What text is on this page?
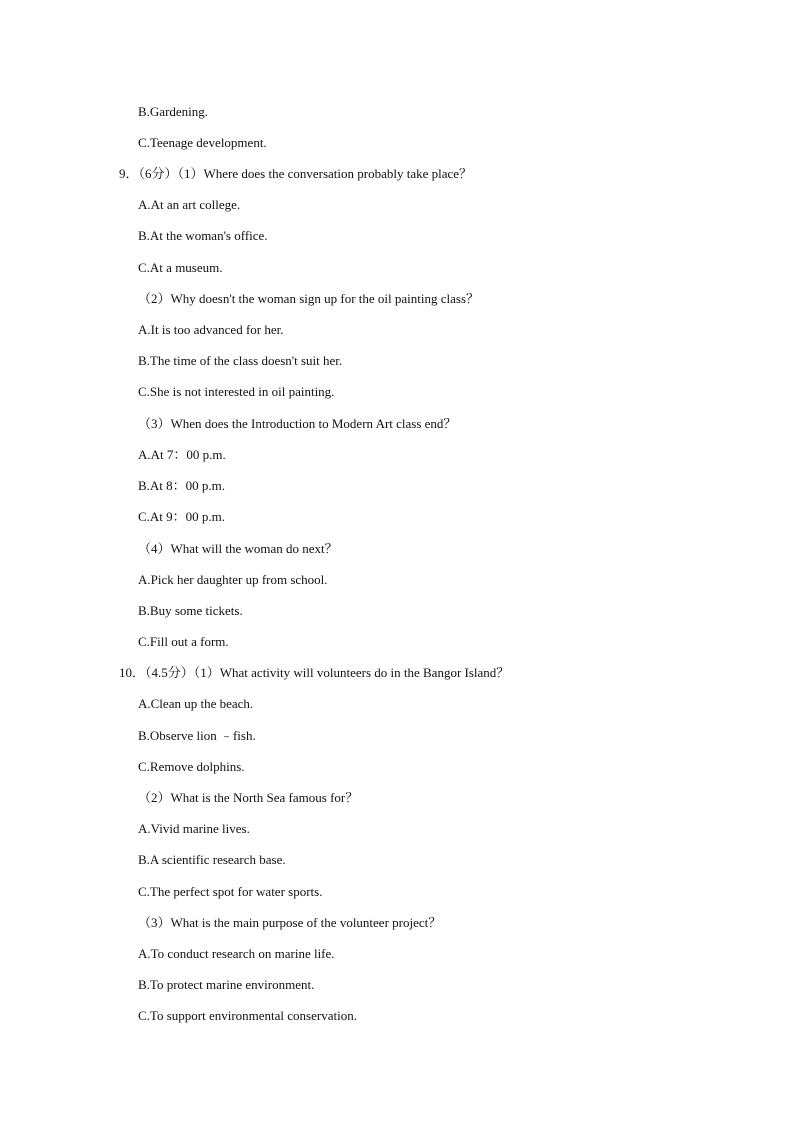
B.Gardening.
C.Teenage development.
9．（6分）（1）Where does the conversation probably take place？
A.At an art college.
B.At the woman's office.
C.At a museum.
（2）Why doesn't the woman sign up for the oil painting class？
A.It is too advanced for her.
B.The time of the class doesn't suit her.
C.She is not interested in oil painting.
（3）When does the Introduction to Modern Art class end？
A.At 7：00 p.m.
B.At 8：00 p.m.
C.At 9：00 p.m.
（4）What will the woman do next？
A.Pick her daughter up from school.
B.Buy some tickets.
C.Fill out a form.
10．（4.5分）（1）What activity will volunteers do in the Bangor Island？
A.Clean up the beach.
B.Observe lion ﹣fish.
C.Remove dolphins.
（2）What is the North Sea famous for？
A.Vivid marine lives.
B.A scientific research base.
C.The perfect spot for water sports.
（3）What is the main purpose of the volunteer project？
A.To conduct research on marine life.
B.To protect marine environment.
C.To support environmental conservation.
